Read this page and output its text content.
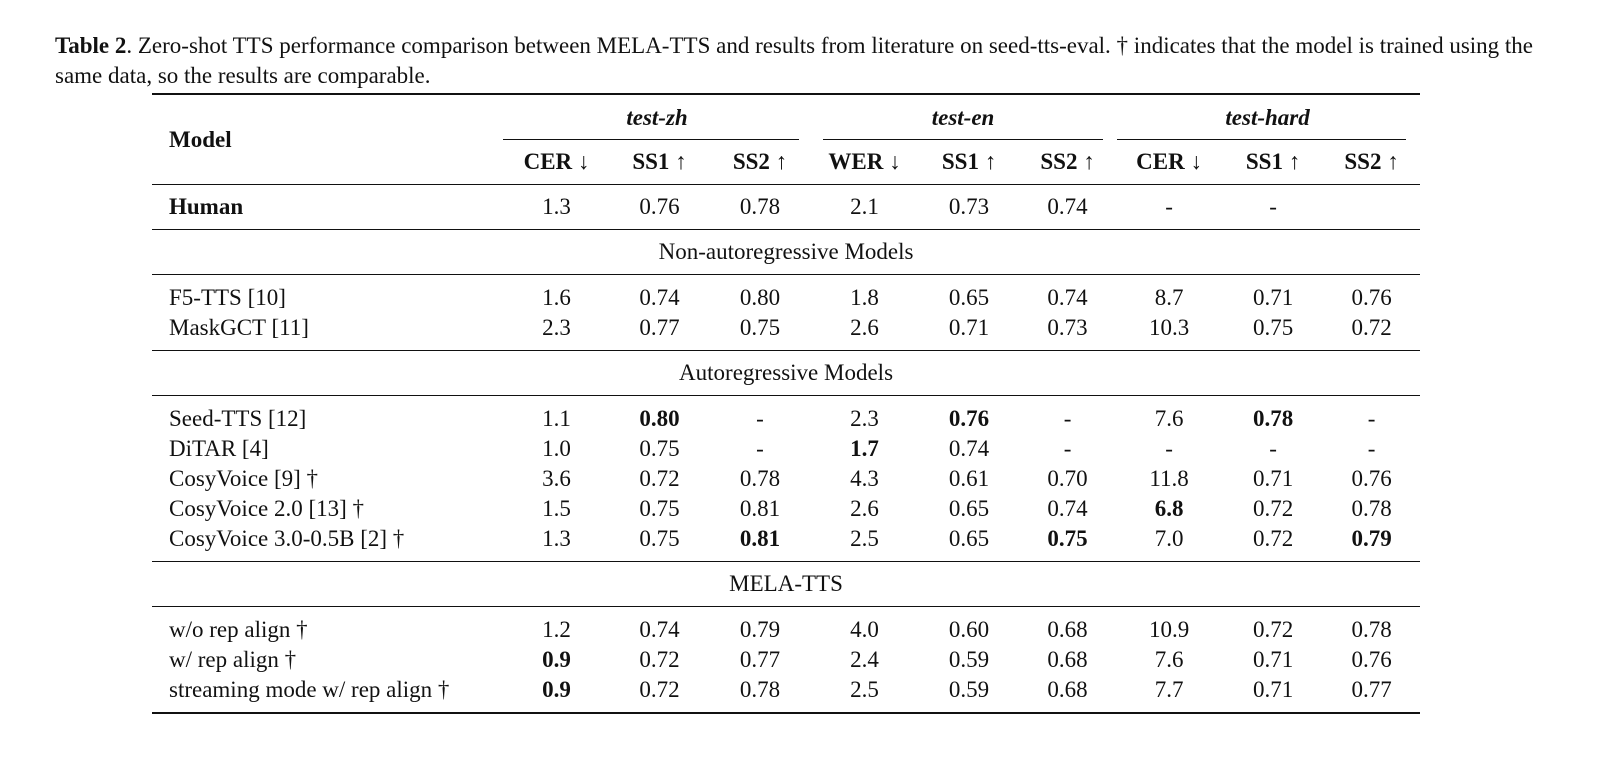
Table 2. Zero-shot TTS performance comparison between MELA-TTS and results from literature on seed-tts-eval. † indicates that the model is trained using the same data, so the results are comparable.
Model	test-zh			test-en			test-hard		

	CER ↓	SS1 ↑	SS2 ↑	WER ↓	SS1 ↑	SS2 ↑	CER ↓	SS1 ↑	SS2 ↑
Human	1.3	0.76	0.78	2.1	0.73	0.74	-	-	
Non-autoregressive Models									
F5-TTS [10]	1.6	0.74	0.80	1.8	0.65	0.74	8.7	0.71	0.76
MaskGCT [11]	2.3	0.77	0.75	2.6	0.71	0.73	10.3	0.75	0.72
Autoregressive Models									
Seed-TTS [12]	1.1	0.80	-	2.3	0.76	-	7.6	0.78	-
DiTAR [4]	1.0	0.75	-	1.7	0.74	-	-	-	-
CosyVoice [9] †	3.6	0.72	0.78	4.3	0.61	0.70	11.8	0.71	0.76
CosyVoice 2.0 [13] †	1.5	0.75	0.81	2.6	0.65	0.74	6.8	0.72	0.78
CosyVoice 3.0-0.5B [2] †	1.3	0.75	0.81	2.5	0.65	0.75	7.0	0.72	0.79
MELA-TTS									
w/o rep align †	1.2	0.74	0.79	4.0	0.60	0.68	10.9	0.72	0.78
w/ rep align †	0.9	0.72	0.77	2.4	0.59	0.68	7.6	0.71	0.76
streaming mode w/ rep align †	0.9	0.72	0.78	2.5	0.59	0.68	7.7	0.71	0.77
